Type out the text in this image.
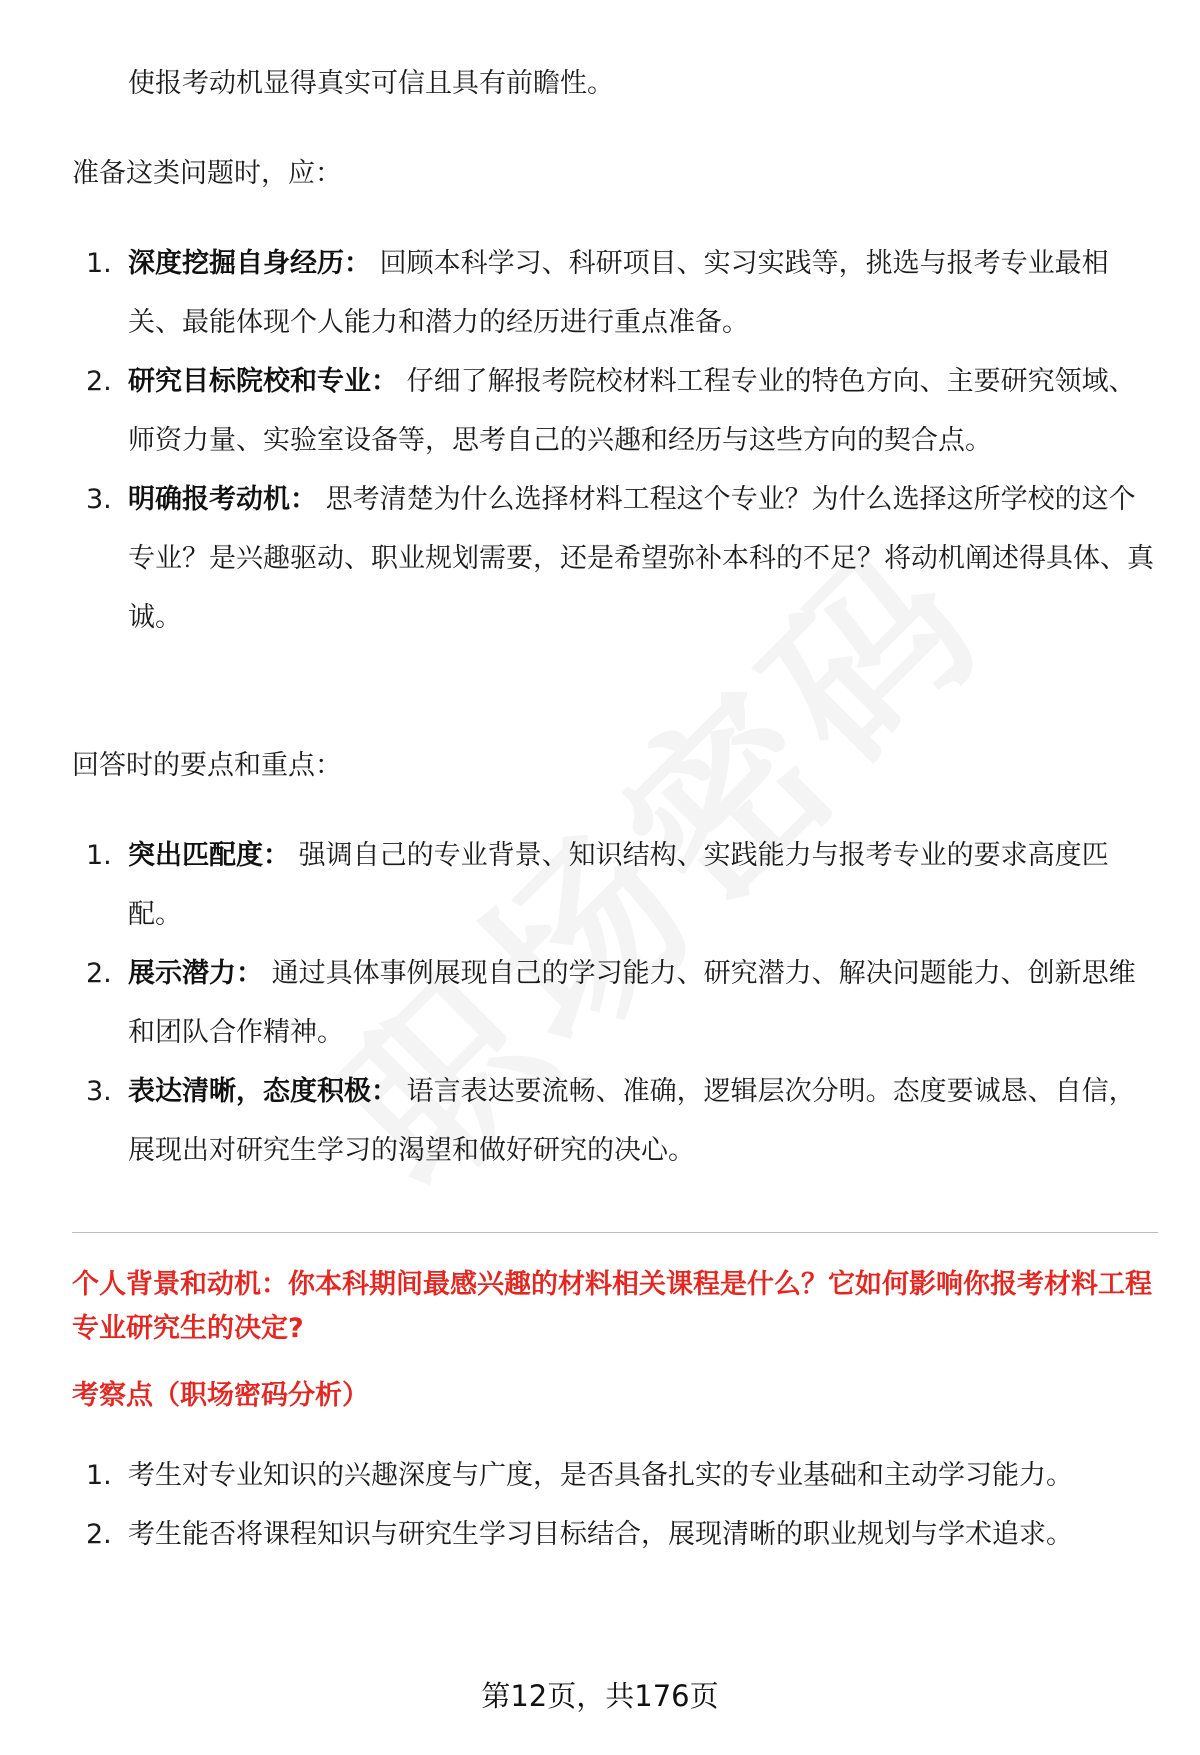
使报考动机显得真实可信且具有前瞻性。

准备这类问题时，应：

1. 深度挖掘自身经历： 回顾本科学习、科研项目、实习实践等，挑选与报考专业最相关、最能体现个人能力和潜力的经历进行重点准备。
2. 研究目标院校和专业： 仔细了解报考院校材料工程专业的特色方向、主要研究领域、师资力量、实验室设备等，思考自己的兴趣和经历与这些方向的契合点。
3. 明确报考动机： 思考清楚为什么选择材料工程这个专业？为什么选择这所学校的这个专业？是兴趣驱动、职业规划需要，还是希望弥补本科的不足？将动机阐述得具体、真诚。

回答时的要点和重点：

1. 突出匹配度： 强调自己的专业背景、知识结构、实践能力与报考专业的要求高度匹配。
2. 展示潜力： 通过具体事例展现自己的学习能力、研究潜力、解决问题能力、创新思维和团队合作精神。
3. 表达清晰，态度积极： 语言表达要流畅、准确，逻辑层次分明。态度要诚恳、自信，展现出对研究生学习的渴望和做好研究的决心。

个人背景和动机：你本科期间最感兴趣的材料相关课程是什么？它如何影响你报考材料工程专业研究生的决定?

考察点（职场密码分析）

1. 考生对专业知识的兴趣深度与广度，是否具备扎实的专业基础和主动学习能力。
2. 考生能否将课程知识与研究生学习目标结合，展现清晰的职业规划与学术追求。
第12页，共176页
